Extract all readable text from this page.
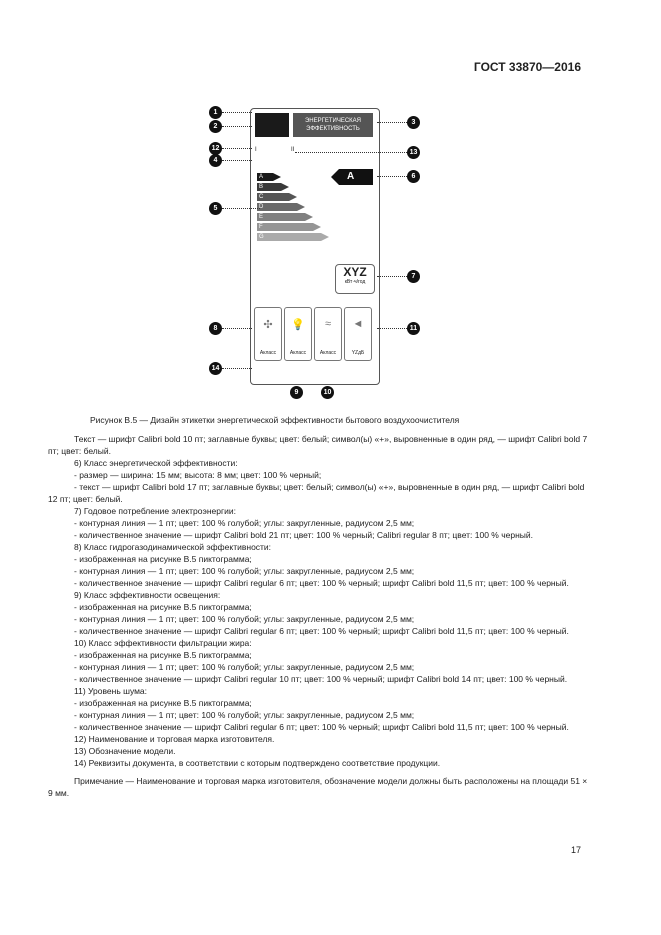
ГОСТ 33870—2016
ЭНЕРГЕТИЧЕСКАЯ ЭФФЕКТИВНОСТЬ
I	II
A
B
C
D
E
F
G
A
XYZ
кВт·ч/год
✣
Aкласс
💡
Aкласс
≈
Aкласс
◄
YZдБ
1
2
3
12
13
4
6
5
7
8	11
14
9	10
Рисунок В.5 — Дизайн этикетки энергетической эффективности бытового воздухоочистителя

Текст — шрифт Calibri bold 10 пт; заглавные буквы; цвет: белый; символ(ы) «+», выровненные в один ряд, — шрифт Calibri bold 7 пт; цвет: белый.

6) Класс энергетической эффективности:

- размер — ширина: 15 мм; высота: 8 мм; цвет: 100 % черный;

- текст — шрифт Calibri bold 17 пт; заглавные буквы; цвет: белый; символ(ы) «+», выровненные в один ряд, — шрифт Calibri bold 12 пт; цвет: белый.

7) Годовое потребление электроэнергии:

- контурная линия — 1 пт; цвет: 100 % голубой; углы: закругленные, радиусом 2,5 мм;

- количественное значение — шрифт Calibri bold 21 пт; цвет: 100 % черный; Calibri regular 8 пт; цвет: 100 % черный.

8) Класс гидрогазодинамической эффективности:

- изображенная на рисунке В.5 пиктограмма;

- контурная линия — 1 пт; цвет: 100 % голубой; углы: закругленные, радиусом 2,5 мм;

- количественное значение — шрифт Calibri regular 6 пт; цвет: 100 % черный; шрифт Calibri bold 11,5 пт; цвет: 100 % черный.

9) Класс эффективности освещения:

- изображенная на рисунке В.5 пиктограмма;

- контурная линия — 1 пт; цвет: 100 % голубой; углы: закругленные, радиусом 2,5 мм;

- количественное значение — шрифт Calibri regular 6 пт; цвет: 100 % черный; шрифт Calibri bold 11,5 пт; цвет: 100 % черный.

10) Класс эффективности фильтрации жира:

- изображенная на рисунке В.5 пиктограмма;

- контурная линия — 1 пт; цвет: 100 % голубой; углы: закругленные, радиусом 2,5 мм;

- количественное значение — шрифт Calibri regular 10 пт; цвет: 100 % черный; шрифт Calibri bold 14 пт; цвет: 100 % черный.

11) Уровень шума:

- изображенная на рисунке В.5 пиктограмма;

- контурная линия — 1 пт; цвет: 100 % голубой; углы: закругленные, радиусом 2,5 мм;

- количественное значение — шрифт Calibri regular 6 пт; цвет: 100 % черный; шрифт Calibri bold 11,5 пт; цвет: 100 % черный.

12) Наименование и торговая марка изготовителя.

13) Обозначение модели.

14) Реквизиты документа, в соответствии с которым подтверждено соответствие продукции.

Примечание — Наименование и торговая марка изготовителя, обозначение модели должны быть расположены на площади 51 × 9 мм.

17
